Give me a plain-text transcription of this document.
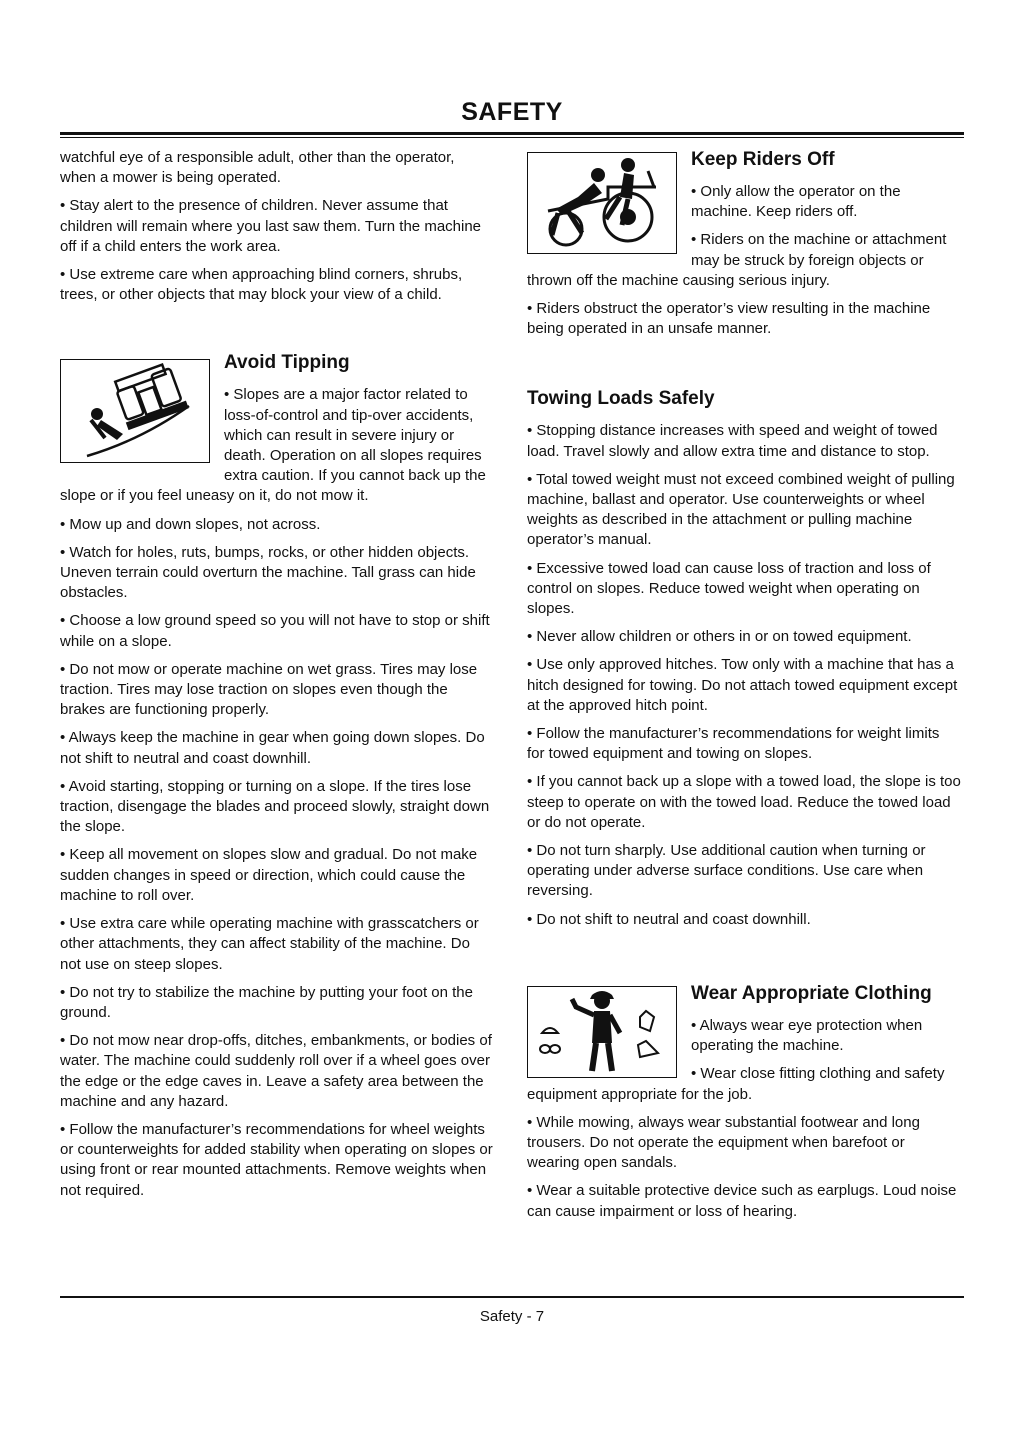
SAFETY

watchful eye of a responsible adult, other than the operator, when a mower is being operated.

• Stay alert to the presence of children. Never assume that children will remain where you last saw them. Turn the machine off if a child enters the work area.

• Use extreme care when approaching blind corners, shrubs, trees, or other objects that may block your view of a child.

Avoid Tipping

• Slopes are a major factor related to loss-of-control and tip-over accidents, which can result in severe injury or death. Operation on all slopes requires extra caution. If you cannot back up the slope or if you feel uneasy on it, do not mow it.

• Mow up and down slopes, not across.

• Watch for holes, ruts, bumps, rocks, or other hidden objects. Uneven terrain could overturn the machine. Tall grass can hide obstacles.

• Choose a low ground speed so you will not have to stop or shift while on a slope.

• Do not mow or operate machine on wet grass. Tires may lose traction. Tires may lose traction on slopes even though the brakes are functioning properly.

• Always keep the machine in gear when going down slopes. Do not shift to neutral and coast downhill.

• Avoid starting, stopping or turning on a slope. If the tires lose traction, disengage the blades and proceed slowly, straight down the slope.

• Keep all movement on slopes slow and gradual. Do not make sudden changes in speed or direction, which could cause the machine to roll over.

• Use extra care while operating machine with grasscatchers or other attachments, they can affect stability of the machine. Do not use on steep slopes.

• Do not try to stabilize the machine by putting your foot on the ground.

• Do not mow near drop-offs, ditches, embankments, or bodies of water. The machine could suddenly roll over if a wheel goes over the edge or the edge caves in. Leave a safety area between the machine and any hazard.

• Follow the manufacturer’s recommendations for wheel weights or counterweights for added stability when operating on slopes or using front or rear mounted attachments. Remove weights when not required.

Keep Riders Off

• Only allow the operator on the machine. Keep riders off.

• Riders on the machine or attachment may be struck by foreign objects or thrown off the machine causing serious injury.

• Riders obstruct the operator’s view resulting in the machine being operated in an unsafe manner.

Towing Loads Safely

• Stopping distance increases with speed and weight of towed load. Travel slowly and allow extra time and distance to stop.

• Total towed weight must not exceed combined weight of pulling machine, ballast and operator. Use counterweights or wheel weights as described in the attachment or pulling machine operator’s manual.

• Excessive towed load can cause loss of traction and loss of control on slopes. Reduce towed weight when operating on slopes.

• Never allow children or others in or on towed equipment.

• Use only approved hitches. Tow only with a machine that has a hitch designed for towing. Do not attach towed equipment except at the approved hitch point.

• Follow the manufacturer’s recommendations for weight limits for towed equipment and towing on slopes.

• If you cannot back up a slope with a towed load, the slope is too steep to operate on with the towed load. Reduce the towed load or do not operate.

• Do not turn sharply. Use additional caution when turning or operating under adverse surface conditions. Use care when reversing.

• Do not shift to neutral and coast downhill.

Wear Appropriate Clothing

• Always wear eye protection when operating the machine.

• Wear close fitting clothing and safety equipment appropriate for the job.

• While mowing, always wear substantial footwear and long trousers. Do not operate the equipment when barefoot or wearing open sandals.

• Wear a suitable protective device such as earplugs. Loud noise can cause impairment or loss of hearing.

Safety - 7
